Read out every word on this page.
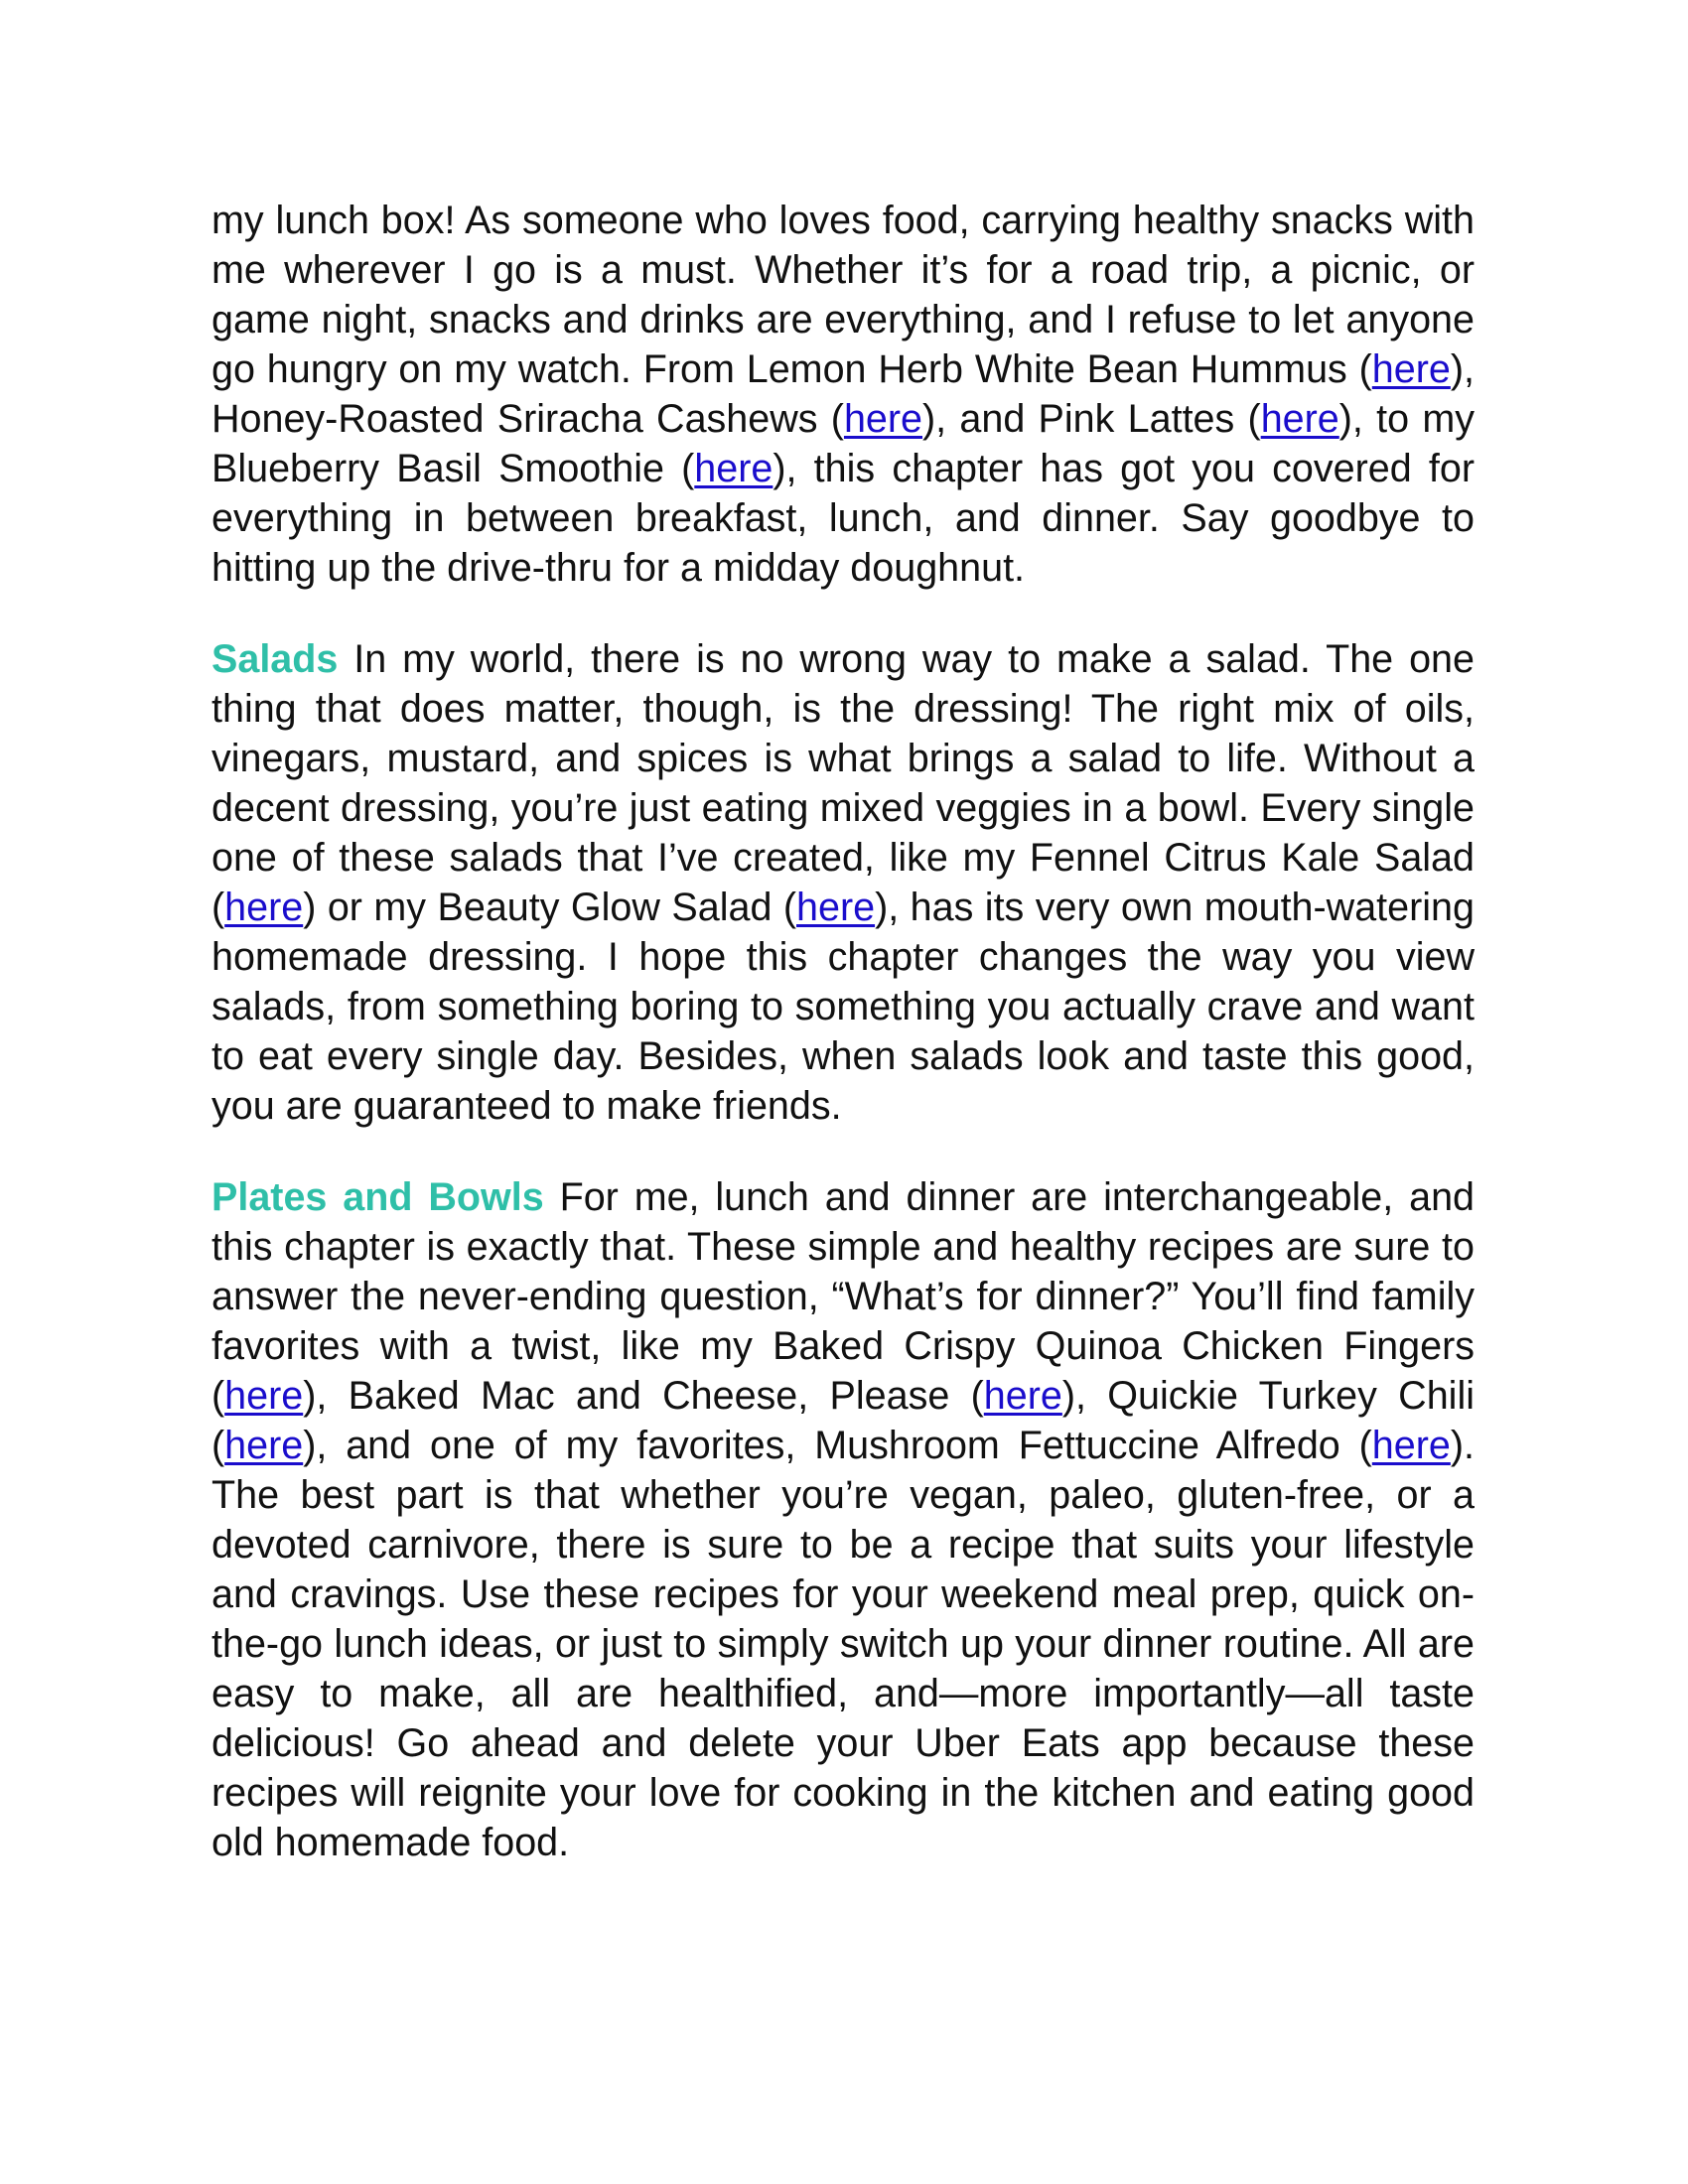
my lunch box! As someone who loves food, carrying healthy snacks with me wherever I go is a must. Whether it’s for a road trip, a picnic, or game night, snacks and drinks are everything, and I refuse to let anyone go hungry on my watch. From Lemon Herb White Bean Hummus (here), Honey-Roasted Sriracha Cashews (here), and Pink Lattes (here), to my Blueberry Basil Smoothie (here), this chapter has got you covered for everything in between breakfast, lunch, and dinner. Say goodbye to hitting up the drive-thru for a midday doughnut.

Salads In my world, there is no wrong way to make a salad. The one thing that does matter, though, is the dressing! The right mix of oils, vinegars, mustard, and spices is what brings a salad to life. Without a decent dressing, you’re just eating mixed veggies in a bowl. Every single one of these salads that I’ve created, like my Fennel Citrus Kale Salad (here) or my Beauty Glow Salad (here), has its very own mouth-watering homemade dressing. I hope this chapter changes the way you view salads, from something boring to something you actually crave and want to eat every single day. Besides, when salads look and taste this good, you are guaranteed to make friends.

Plates and Bowls For me, lunch and dinner are interchangeable, and this chapter is exactly that. These simple and healthy recipes are sure to answer the never-ending question, “What’s for dinner?” You’ll find family favorites with a twist, like my Baked Crispy Quinoa Chicken Fingers (here), Baked Mac and Cheese, Please (here), Quickie Turkey Chili (here), and one of my favorites, Mushroom Fettuccine Alfredo (here). The best part is that whether you’re vegan, paleo, gluten-free, or a devoted carnivore, there is sure to be a recipe that suits your lifestyle and cravings. Use these recipes for your weekend meal prep, quick on-the-go lunch ideas, or just to simply switch up your dinner routine. All are easy to make, all are healthified, and—more importantly—all taste delicious! Go ahead and delete your Uber Eats app because these recipes will reignite your love for cooking in the kitchen and eating good old homemade food.
